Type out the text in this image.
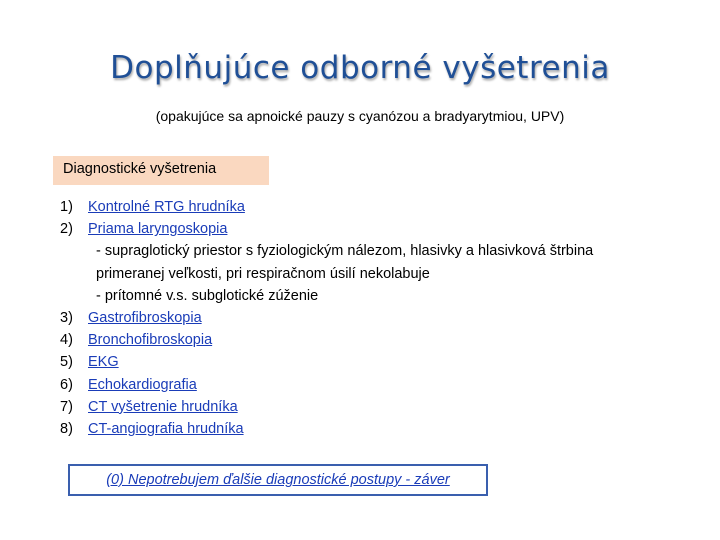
Doplňujúce odborné vyšetrenia
(opakujúce sa apnoické pauzy s cyanózou a bradyarytmiou, UPV)
Diagnostické vyšetrenia
1)	Kontrolné RTG hrudníka
2)	Priama laryngoskopia
- supraglotický priestor s fyziologickým nálezom, hlasivky a hlasivková štrbina
primeranej veľkosti, pri respiračnom úsilí nekolabuje
- prítomné v.s. subglotické zúženie
3)	Gastrofibroskopia
4)	Bronchofibroskopia
5)	EKG
6)	Echokardiografia
7)	CT vyšetrenie hrudníka
8)	CT-angiografia hrudníka
(0) Nepotrebujem ďalšie diagnostické postupy - záver
